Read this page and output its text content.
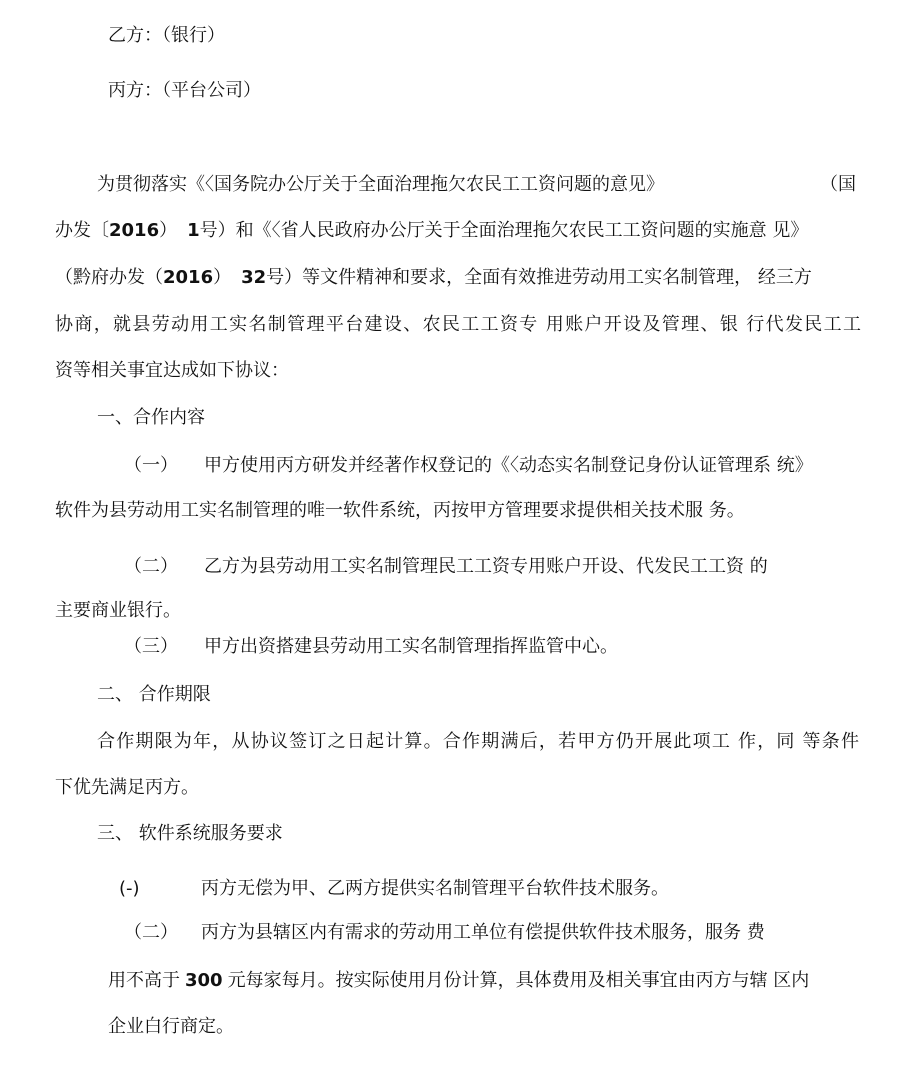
乙方：（银行）

丙方：（平台公司）

为贯彻落实《〈国务院办公厅关于全面治理拖欠农民工工资问题的意见》	（国

办发〔2016） 1号）和《〈省人民政府办公厅关于全面治理拖欠农民工工资问题的实施意 见》

（黔府办发（2016） 32号）等文件精神和要求，全面有效推进劳动用工实名制管理， 经三方

协商，就县劳动用工实名制管理平台建设、农民工工资专 用账户开设及管理、银 行代发民工工

资等相关事宜达成如下协议：

一、合作内容

（一） 甲方使用丙方研发并经著作权登记的《〈动态实名制登记身份认证管理系 统》

软件为县劳动用工实名制管理的唯一软件系统，丙按甲方管理要求提供相关技术服 务。

（二） 乙方为县劳动用工实名制管理民工工资专用账户开设、代发民工工资 的

主要商业银行。

（三） 甲方出资搭建县劳动用工实名制管理指挥监管中心。

二、 合作期限

合作期限为年，从协议签订之日起计算。合作期满后，若甲方仍开展此项工 作，同 等条件

下优先满足丙方。

三、 软件系统服务要求

(-)	丙方无偿为甲、乙两方提供实名制管理平台软件技术服务。

（二） 丙方为县辖区内有需求的劳动用工单位有偿提供软件技术服务，服务 费

用不高于 300 元每家每月。按实际使用月份计算，具体费用及相关事宜由丙方与辖 区内

企业白行商定。
